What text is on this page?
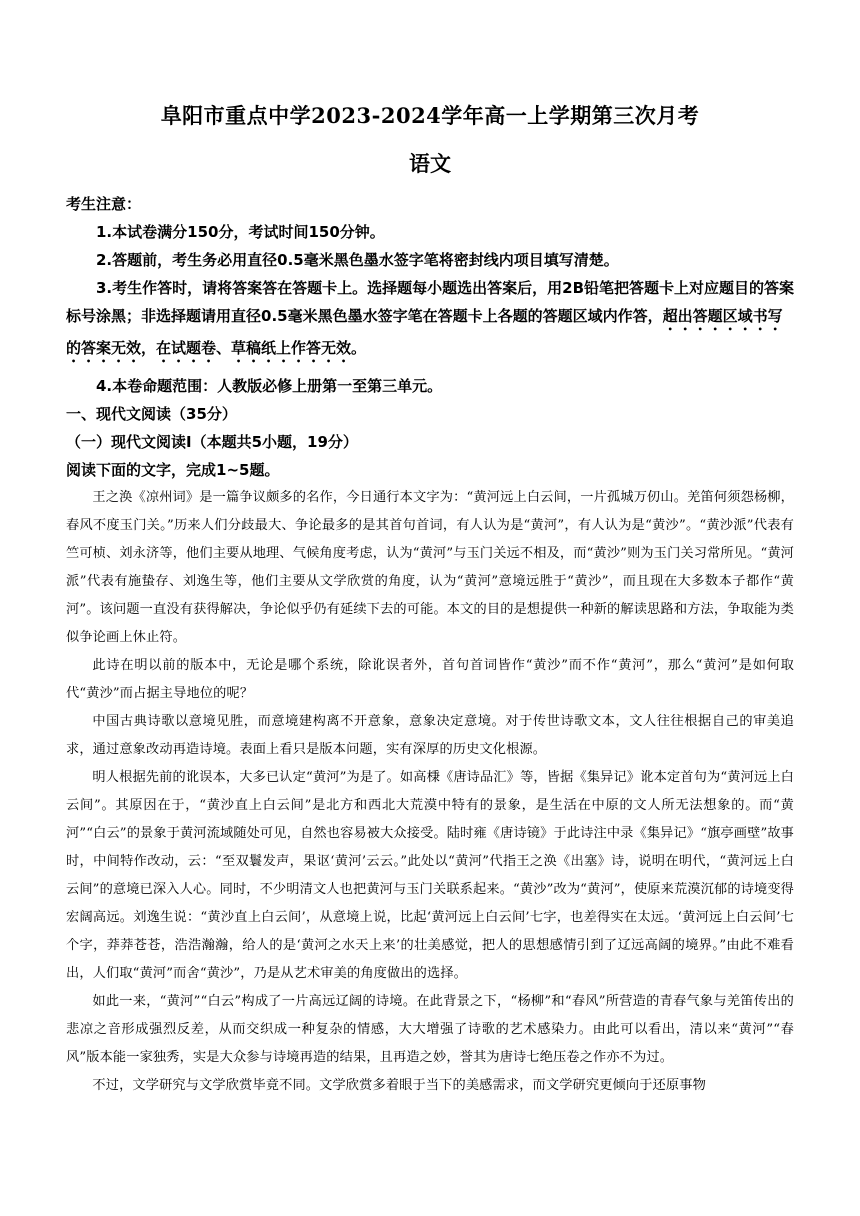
阜阳市重点中学2023-2024学年高一上学期第三次月考
语文
考生注意：

1.本试卷满分150分，考试时间150分钟。

2.答题前，考生务必用直径0.5毫米黑色墨水签字笔将密封线内项目填写清楚。

3.考生作答时，请将答案答在答题卡上。选择题每小题选出答案后，用2B铅笔把答题卡上对应题目的答案标号涂黑；非选择题请用直径0.5毫米黑色墨水签字笔在答题卡上各题的答题区域内作答，超出答题区域书写的答案无效，在试题卷、草稿纸上作答无效。

4.本卷命题范围：人教版必修上册第一至第三单元。

一、现代文阅读（35分）
（一）现代文阅读Ⅰ（本题共5小题，19分）
阅读下面的文字，完成1~5题。

王之涣《凉州词》是一篇争议颇多的名作，今日通行本文字为：“黄河远上白云间，一片孤城万仞山。羌笛何须怨杨柳，春风不度玉门关。”历来人们分歧最大、争论最多的是其首句首词，有人认为是“黄河”，有人认为是“黄沙”。“黄沙派”代表有竺可桢、刘永济等，他们主要从地理、气候角度考虑，认为“黄河”与玉门关远不相及，而“黄沙”则为玉门关习常所见。“黄河派”代表有施蛰存、刘逸生等，他们主要从文学欣赏的角度，认为“黄河”意境远胜于“黄沙”，而且现在大多数本子都作“黄河”。该问题一直没有获得解决，争论似乎仍有延续下去的可能。本文的目的是想提供一种新的解读思路和方法，争取能为类似争论画上休止符。

此诗在明以前的版本中，无论是哪个系统，除讹误者外，首句首词皆作“黄沙”而不作“黄河”，那么“黄河”是如何取代“黄沙”而占据主导地位的呢？

中国古典诗歌以意境见胜，而意境建构离不开意象，意象决定意境。对于传世诗歌文本，文人往往根据自己的审美追求，通过意象改动再造诗境。表面上看只是版本问题，实有深厚的历史文化根源。

明人根据先前的讹误本，大多已认定“黄河”为是了。如高棅《唐诗品汇》等，皆据《集异记》讹本定首句为“黄河远上白云间”。其原因在于，“黄沙直上白云间”是北方和西北大荒漠中特有的景象，是生活在中原的文人所无法想象的。而“黄河”“白云”的景象于黄河流域随处可见，自然也容易被大众接受。陆时雍《唐诗镜》于此诗注中录《集异记》“旗亭画壁”故事时，中间特作改动，云：“至双鬟发声，果讴‘黄河’云云。”此处以“黄河”代指王之涣《出塞》诗，说明在明代，“黄河远上白云间”的意境已深入人心。同时，不少明清文人也把黄河与玉门关联系起来。“黄沙”改为“黄河”，使原来荒漠沉郁的诗境变得宏阔高远。刘逸生说：“黄沙直上白云间’，从意境上说，比起‘黄河远上白云间’七字，也差得实在太远。‘黄河远上白云间’七个字，莽莽苍苍，浩浩瀚瀚，给人的是‘黄河之水天上来’的壮美感觉，把人的思想感情引到了辽远高阔的境界。”由此不难看出，人们取“黄河”而舍“黄沙”，乃是从艺术审美的角度做出的选择。

如此一来，“黄河”“白云”构成了一片高远辽阔的诗境。在此背景之下，“杨柳”和“春风”所营造的青春气象与羌笛传出的悲凉之音形成强烈反差，从而交织成一种复杂的情感，大大增强了诗歌的艺术感染力。由此可以看出，清以来“黄河”“春风”版本能一家独秀，实是大众参与诗境再造的结果，且再造之妙，誉其为唐诗七绝压卷之作亦不为过。

不过，文学研究与文学欣赏毕竟不同。文学欣赏多着眼于当下的美感需求，而文学研究更倾向于还原事物
